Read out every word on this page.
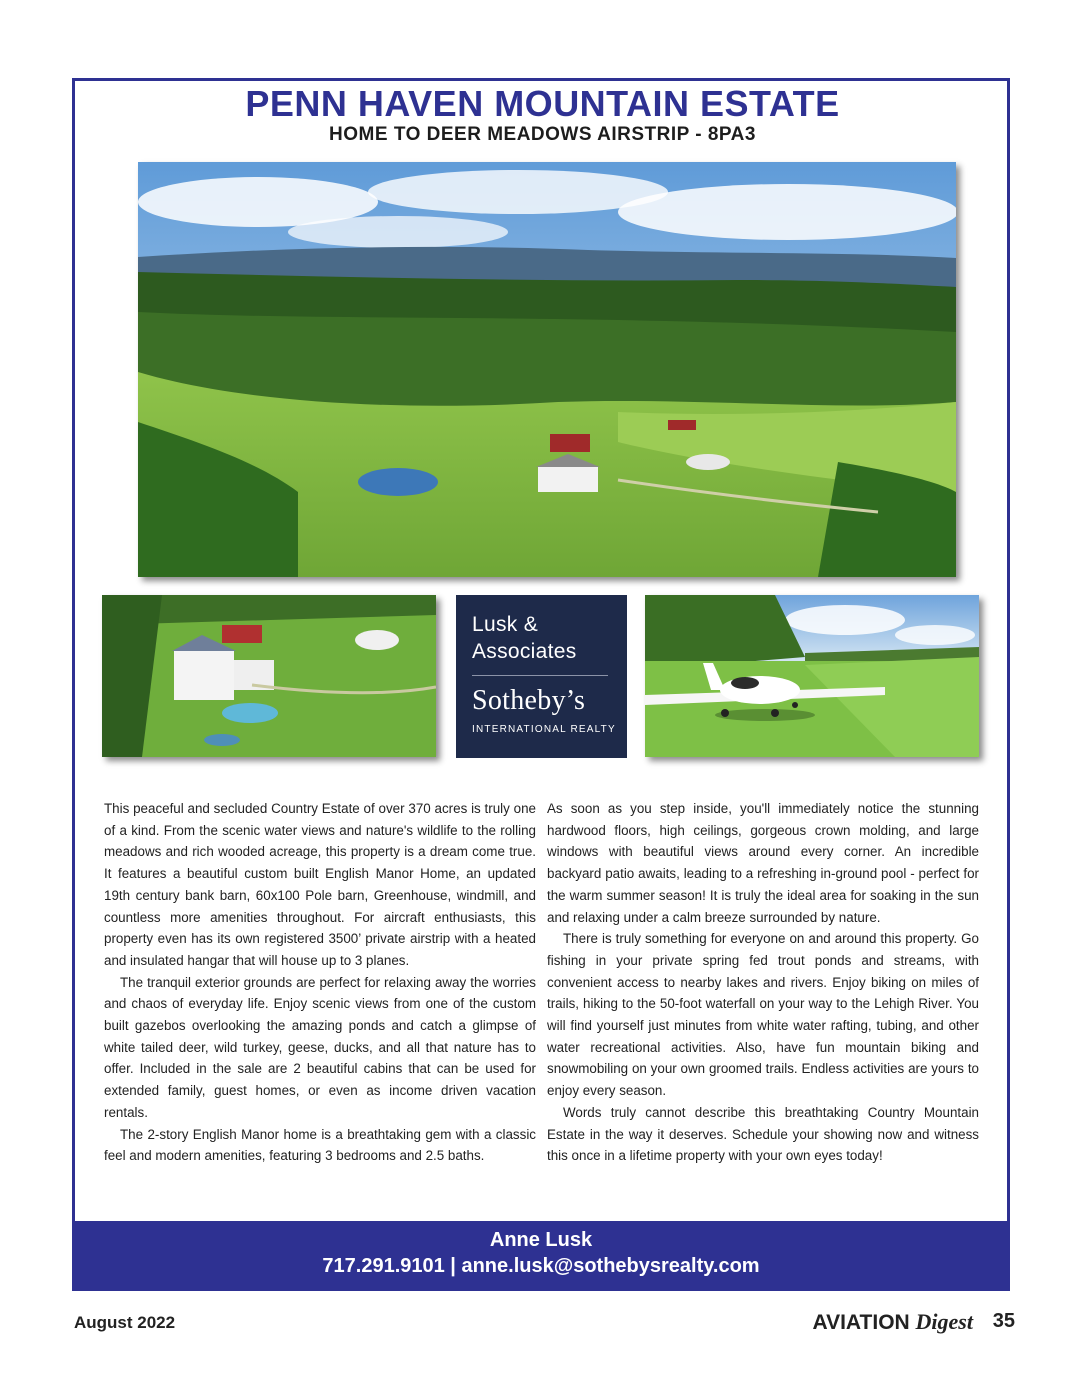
PENN HAVEN MOUNTAIN ESTATE
HOME TO DEER MEADOWS AIRSTRIP - 8PA3
Lusk &
Associates
Sotheby’s
INTERNATIONAL REALTY

This peaceful and secluded Country Estate of over 370 acres is truly one of a kind. From the scenic water views and nature's wildlife to the rolling meadows and rich wooded acreage, this property is a dream come true. It features a beautiful custom built English Manor Home, an updated 19th century bank barn, 60x100 Pole barn, Greenhouse, windmill, and countless more amenities throughout. For aircraft enthusiasts, this property even has its own registered 3500’ private airstrip with a heated and insulated hangar that will house up to 3 planes.

The tranquil exterior grounds are perfect for relaxing away the worries and chaos of everyday life. Enjoy scenic views from one of the custom built gazebos overlooking the amazing ponds and catch a glimpse of white tailed deer, wild turkey, geese, ducks, and all that nature has to offer. Included in the sale are 2 beautiful cabins that can be used for extended family, guest homes, or even as income driven vacation rentals.

The 2-story English Manor home is a breathtaking gem with a classic feel and modern amenities, featuring 3 bedrooms and 2.5 baths.

As soon as you step inside, you'll immediately notice the stunning hardwood floors, high ceilings, gorgeous crown molding, and large windows with beautiful views around every corner. An incredible backyard patio awaits, leading to a refreshing in-ground pool - perfect for the warm summer season! It is truly the ideal area for soaking in the sun and relaxing under a calm breeze surrounded by nature.

There is truly something for everyone on and around this property. Go fishing in your private spring fed trout ponds and streams, with convenient access to nearby lakes and rivers. Enjoy biking on miles of trails, hiking to the 50-foot waterfall on your way to the Lehigh River. You will find yourself just minutes from white water rafting, tubing, and other water recreational activities. Also, have fun mountain biking and snowmobiling on your own groomed trails. Endless activities are yours to enjoy every season.

Words truly cannot describe this breathtaking Country Mountain Estate in the way it deserves. Schedule your showing now and witness this once in a lifetime property with your own eyes today!

Anne Lusk
717.291.9101 | anne.lusk@sothebysrealty.com
August 2022	AVIATION Digest 35
